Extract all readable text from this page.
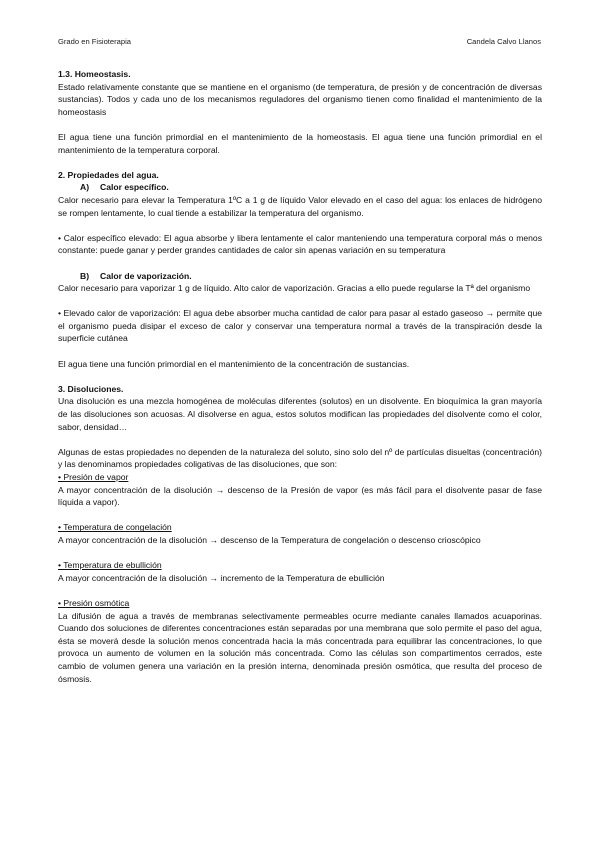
Grado en Fisioterapia	Candela Calvo Llanos

1.3. Homeostasis.

Estado relativamente constante que se mantiene en el organismo (de temperatura, de presión y de concentración de diversas sustancias). Todos y cada uno de los mecanismos reguladores del organismo tienen como finalidad el mantenimiento de la homeostasis

El agua tiene una función primordial en el mantenimiento de la homeostasis. El agua tiene una función primordial en el mantenimiento de la temperatura corporal.

2. Propiedades del agua.

A) Calor específico.

Calor necesario para elevar la Temperatura 1ºC a 1 g de líquido Valor elevado en el caso del agua: los enlaces de hidrógeno se rompen lentamente, lo cual tiende a estabilizar la temperatura del organismo.

• Calor específico elevado: El agua absorbe y libera lentamente el calor manteniendo una temperatura corporal más o menos constante: puede ganar y perder grandes cantidades de calor sin apenas variación en su temperatura

B) Calor de vaporización.

Calor necesario para vaporizar 1 g de líquido. Alto calor de vaporización. Gracias a ello puede regularse la Tª del organismo

• Elevado calor de vaporización: El agua debe absorber mucha cantidad de calor para pasar al estado gaseoso → permite que el organismo pueda disipar el exceso de calor y conservar una temperatura normal a través de la transpiración desde la superficie cutánea

El agua tiene una función primordial en el mantenimiento de la concentración de sustancias.

3. Disoluciones.

Una disolución es una mezcla homogénea de moléculas diferentes (solutos) en un disolvente. En bioquímica la gran mayoría de las disoluciones son acuosas. Al disolverse en agua, estos solutos modifican las propiedades del disolvente como el color, sabor, densidad…

Algunas de estas propiedades no dependen de la naturaleza del soluto, sino solo del nº de partículas disueltas (concentración) y las denominamos propiedades coligativas de las disoluciones, que son:

• Presión de vapor

A mayor concentración de la disolución → descenso de la Presión de vapor (es más fácil para el disolvente pasar de fase líquida a vapor).

• Temperatura de congelación

A mayor concentración de la disolución → descenso de la Temperatura de congelación o descenso crioscópico

• Temperatura de ebullición

A mayor concentración de la disolución → incremento de la Temperatura de ebullición

• Presión osmótica

La difusión de agua a través de membranas selectivamente permeables ocurre mediante canales llamados acuaporinas. Cuando dos soluciones de diferentes concentraciones están separadas por una membrana que solo permite el paso del agua, ésta se moverá desde la solución menos concentrada hacia la más concentrada para equilibrar las concentraciones, lo que provoca un aumento de volumen en la solución más concentrada. Como las células son compartimentos cerrados, este cambio de volumen genera una variación en la presión interna, denominada presión osmótica, que resulta del proceso de ósmosis.
